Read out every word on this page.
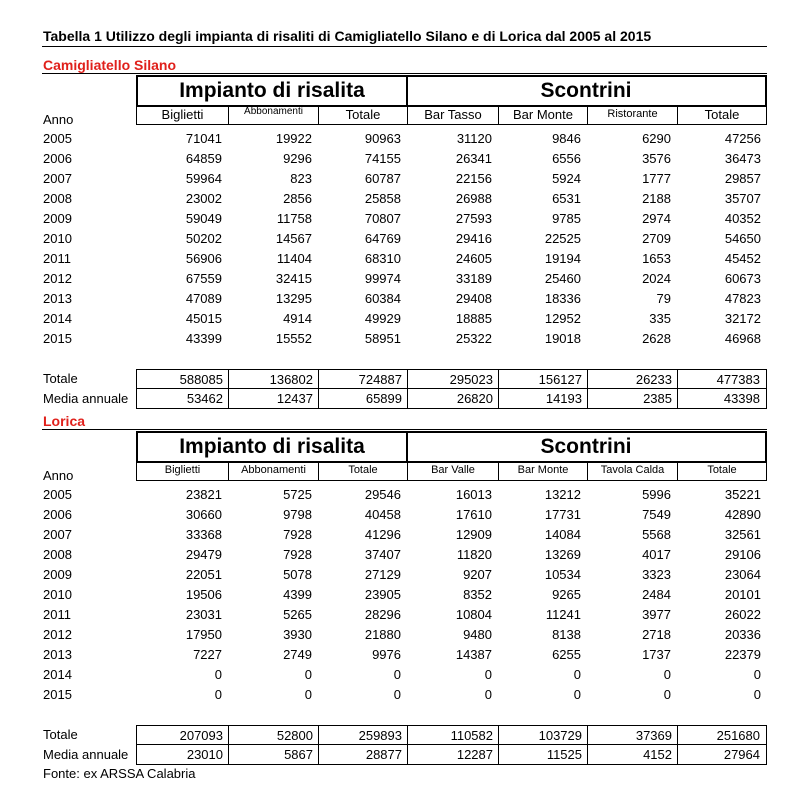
Tabella 1 Utilizzo degli impianta di risaliti di Camigliatello Silano e di Lorica dal 2005 al 2015
Camigliatello Silano
Impianto di risalita	Scontrini
Biglietti	Abbonamenti	Totale	Bar Tasso	Bar Monte	Ristorante	Totale
Anno
2005	71041	19922	90963	31120	9846	6290	47256
2006	64859	9296	74155	26341	6556	3576	36473
2007	59964	823	60787	22156	5924	1777	29857
2008	23002	2856	25858	26988	6531	2188	35707
2009	59049	11758	70807	27593	9785	2974	40352
2010	50202	14567	64769	29416	22525	2709	54650
2011	56906	11404	68310	24605	19194	1653	45452
2012	67559	32415	99974	33189	25460	2024	60673
2013	47089	13295	60384	29408	18336	79	47823
2014	45015	4914	49929	18885	12952	335	32172
2015	43399	15552	58951	25322	19018	2628	46968
Totale	588085	136802	724887	295023	156127	26233	477383
Media annuale	53462	12437	65899	26820	14193	2385	43398
Lorica
Impianto di risalita	Scontrini
Biglietti	Abbonamenti	Totale	Bar Valle	Bar Monte	Tavola Calda	Totale
Anno
2005	23821	5725	29546	16013	13212	5996	35221
2006	30660	9798	40458	17610	17731	7549	42890
2007	33368	7928	41296	12909	14084	5568	32561
2008	29479	7928	37407	11820	13269	4017	29106
2009	22051	5078	27129	9207	10534	3323	23064
2010	19506	4399	23905	8352	9265	2484	20101
2011	23031	5265	28296	10804	11241	3977	26022
2012	17950	3930	21880	9480	8138	2718	20336
2013	7227	2749	9976	14387	6255	1737	22379
2014	0	0	0	0	0	0	0
2015	0	0	0	0	0	0	0
Totale	207093	52800	259893	110582	103729	37369	251680
Media annuale	23010	5867	28877	12287	11525	4152	27964
Fonte: ex ARSSA Calabria
